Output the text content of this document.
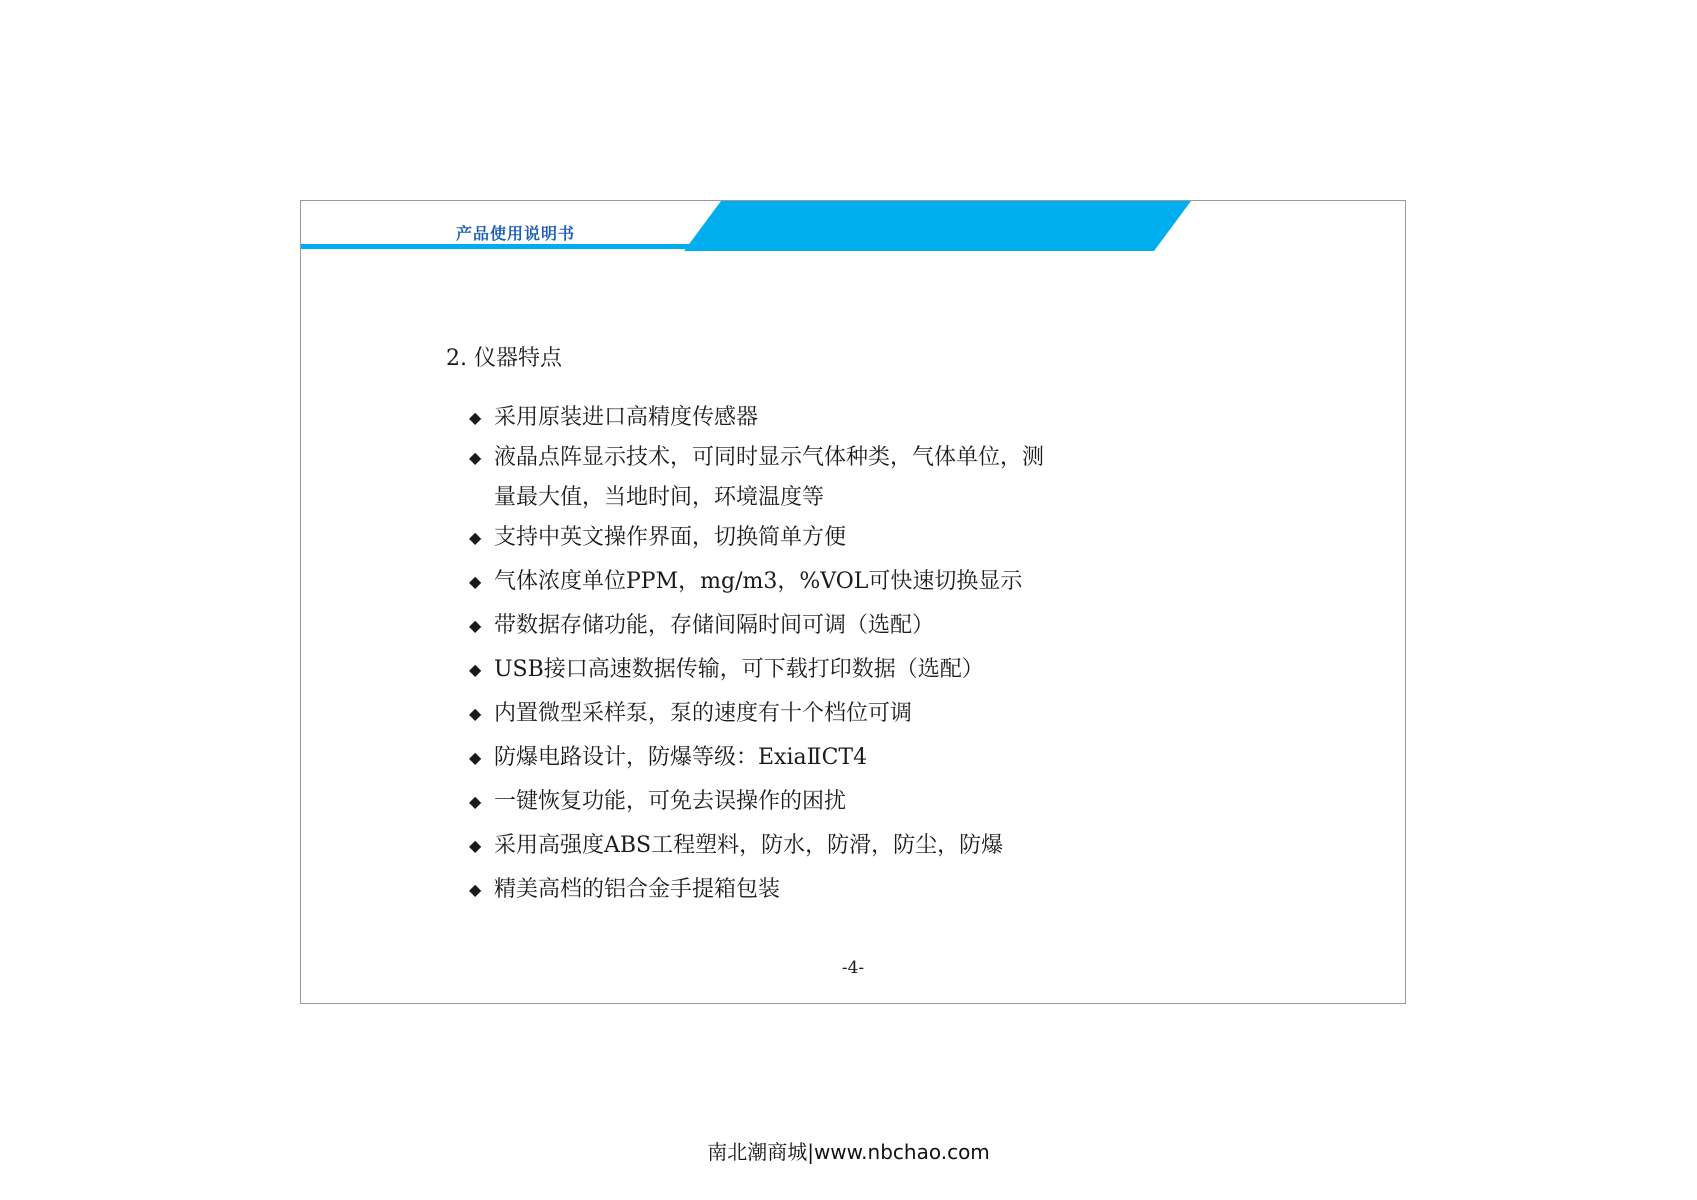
产品使用说明书
2. 仪器特点
◆ 采用原装进口高精度传感器
◆ 液晶点阵显示技术，可同时显示气体种类，气体单位，测量最大值，当地时间，环境温度等
◆ 支持中英文操作界面，切换简单方便
◆ 气体浓度单位PPM，mg/m3，%VOL可快速切换显示
◆ 带数据存储功能，存储间隔时间可调（选配）
◆ USB接口高速数据传输，可下载打印数据（选配）
◆ 内置微型采样泵，泵的速度有十个档位可调
◆ 防爆电路设计，防爆等级：ExiaⅡCT4
◆ 一键恢复功能，可免去误操作的困扰
◆ 采用高强度ABS工程塑料，防水，防滑，防尘，防爆
◆ 精美高档的铝合金手提箱包装
-4-
南北潮商城|www.nbchao.com
